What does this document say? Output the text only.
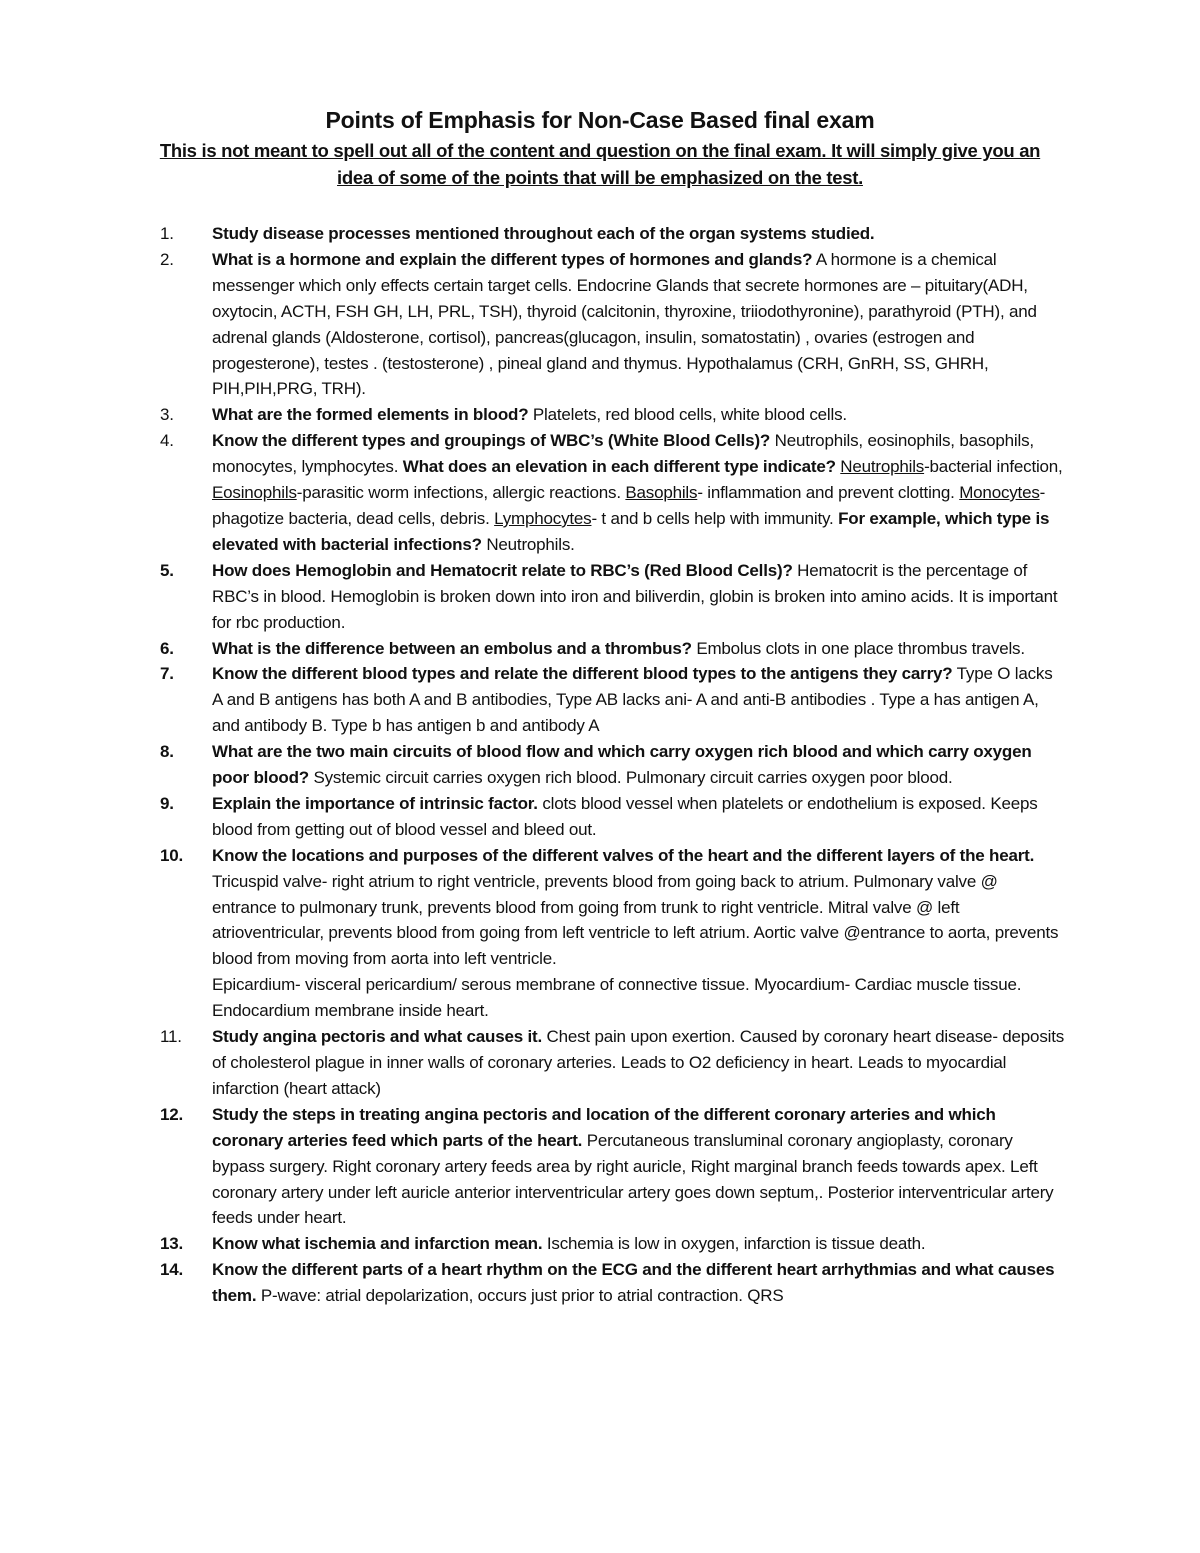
Points of Emphasis for Non-Case Based final exam
This is not meant to spell out all of the content and question on the final exam. It will simply give you an idea of some of the points that will be emphasized on the test.
1. Study disease processes mentioned throughout each of the organ systems studied.
2. What is a hormone and explain the different types of hormones and glands? A hormone is a chemical messenger which only effects certain target cells. Endocrine Glands that secrete hormones are – pituitary(ADH, oxytocin, ACTH, FSH GH, LH, PRL, TSH), thyroid (calcitonin, thyroxine, triiodothyronine), parathyroid (PTH), and adrenal glands (Aldosterone, cortisol), pancreas(glucagon, insulin, somatostatin) , ovaries (estrogen and progesterone), testes . (testosterone) , pineal gland and thymus. Hypothalamus (CRH, GnRH, SS, GHRH, PIH,PIH,PRG, TRH).
3. What are the formed elements in blood? Platelets, red blood cells, white blood cells.
4. Know the different types and groupings of WBC’s (White Blood Cells)? Neutrophils, eosinophils, basophils, monocytes, lymphocytes. What does an elevation in each different type indicate? Neutrophils-bacterial infection, Eosinophils-parasitic worm infections, allergic reactions. Basophils- inflammation and prevent clotting. Monocytes- phagotize bacteria, dead cells, debris. Lymphocytes- t and b cells help with immunity. For example, which type is elevated with bacterial infections? Neutrophils.
5. How does Hemoglobin and Hematocrit relate to RBC’s (Red Blood Cells)? Hematocrit is the percentage of RBC’s in blood. Hemoglobin is broken down into iron and biliverdin, globin is broken into amino acids. It is important for rbc production.
6. What is the difference between an embolus and a thrombus? Embolus clots in one place thrombus travels.
7. Know the different blood types and relate the different blood types to the antigens they carry? Type O lacks A and B antigens has both A and B antibodies, Type AB lacks ani- A and anti-B antibodies . Type a has antigen A, and antibody B. Type b has antigen b and antibody A
8. What are the two main circuits of blood flow and which carry oxygen rich blood and which carry oxygen poor blood? Systemic circuit carries oxygen rich blood. Pulmonary circuit carries oxygen poor blood.
9. Explain the importance of intrinsic factor. clots blood vessel when platelets or endothelium is exposed. Keeps blood from getting out of blood vessel and bleed out.
10. Know the locations and purposes of the different valves of the heart and the different layers of the heart. Tricuspid valve- right atrium to right ventricle, prevents blood from going back to atrium. Pulmonary valve @ entrance to pulmonary trunk, prevents blood from going from trunk to right ventricle. Mitral valve @ left atrioventricular, prevents blood from going from left ventricle to left atrium. Aortic valve @entrance to aorta, prevents blood from moving from aorta into left ventricle.
Epicardium- visceral pericardium/ serous membrane of connective tissue. Myocardium- Cardiac muscle tissue. Endocardium membrane inside heart.
11. Study angina pectoris and what causes it. Chest pain upon exertion. Caused by coronary heart disease- deposits of cholesterol plague in inner walls of coronary arteries. Leads to O2 deficiency in heart. Leads to myocardial infarction (heart attack)
12. Study the steps in treating angina pectoris and location of the different coronary arteries and which coronary arteries feed which parts of the heart. Percutaneous transluminal coronary angioplasty, coronary bypass surgery. Right coronary artery feeds area by right auricle, Right marginal branch feeds towards apex. Left coronary artery under left auricle anterior interventricular artery goes down septum,. Posterior interventricular artery feeds under heart.
13. Know what ischemia and infarction mean. Ischemia is low in oxygen, infarction is tissue death.
14. Know the different parts of a heart rhythm on the ECG and the different heart arrhythmias and what causes them. P-wave: atrial depolarization, occurs just prior to atrial contraction. QRS
